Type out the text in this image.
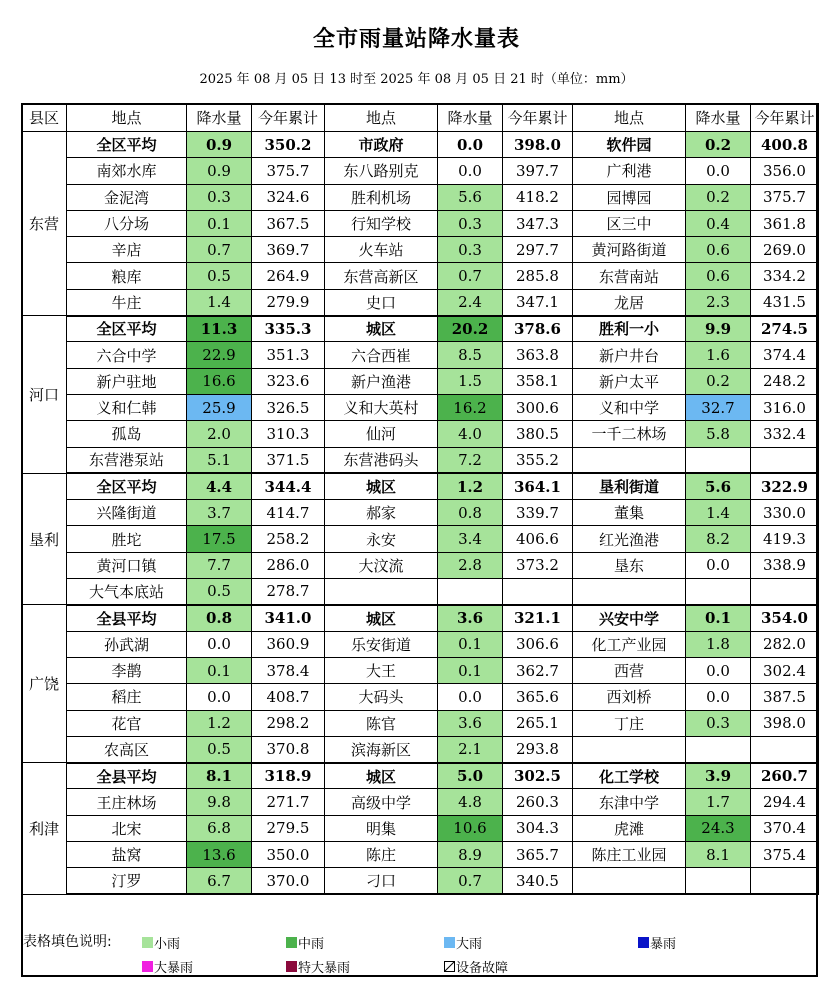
全市雨量站降水量表
2025 年 08 月 05 日 13 时至 2025 年 08 月 05 日 21 时（单位：mm）
县区	地点	降水量	今年累计	地点	降水量	今年累计	地点	降水量	今年累计
东营	全区平均	0.9	350.2	市政府	0.0	398.0	软件园	0.2	400.8
	南郊水库	0.9	375.7	东八路别克	0.0	397.7	广利港	0.0	356.0
	金泥湾	0.3	324.6	胜利机场	5.6	418.2	园博园	0.2	375.7
	八分场	0.1	367.5	行知学校	0.3	347.3	区三中	0.4	361.8
	辛店	0.7	369.7	火车站	0.3	297.7	黄河路街道	0.6	269.0
	粮库	0.5	264.9	东营高新区	0.7	285.8	东营南站	0.6	334.2
	牛庄	1.4	279.9	史口	2.4	347.1	龙居	2.3	431.5
河口	全区平均	11.3	335.3	城区	20.2	378.6	胜利一小	9.9	274.5
	六合中学	22.9	351.3	六合西崔	8.5	363.8	新户井台	1.6	374.4
	新户驻地	16.6	323.6	新户渔港	1.5	358.1	新户太平	0.2	248.2
	义和仁韩	25.9	326.5	义和大英村	16.2	300.6	义和中学	32.7	316.0
	孤岛	2.0	310.3	仙河	4.0	380.5	一千二林场	5.8	332.4
	东营港泵站	5.1	371.5	东营港码头	7.2	355.2			
垦利	全区平均	4.4	344.4	城区	1.2	364.1	垦利街道	5.6	322.9
	兴隆街道	3.7	414.7	郝家	0.8	339.7	董集	1.4	330.0
	胜坨	17.5	258.2	永安	3.4	406.6	红光渔港	8.2	419.3
	黄河口镇	7.7	286.0	大汶流	2.8	373.2	垦东	0.0	338.9
	大气本底站	0.5	278.7						
广饶	全县平均	0.8	341.0	城区	3.6	321.1	兴安中学	0.1	354.0
	孙武湖	0.0	360.9	乐安街道	0.1	306.6	化工产业园	1.8	282.0
	李鹊	0.1	378.4	大王	0.1	362.7	西营	0.0	302.4
	稻庄	0.0	408.7	大码头	0.0	365.6	西刘桥	0.0	387.5
	花官	1.2	298.2	陈官	3.6	265.1	丁庄	0.3	398.0
	农高区	0.5	370.8	滨海新区	2.1	293.8			
利津	全县平均	8.1	318.9	城区	5.0	302.5	化工学校	3.9	260.7
	王庄林场	9.8	271.7	高级中学	4.8	260.3	东津中学	1.7	294.4
	北宋	6.8	279.5	明集	10.6	304.3	虎滩	24.3	370.4
	盐窝	13.6	350.0	陈庄	8.9	365.7	陈庄工业园	8.1	375.4
	汀罗	6.7	370.0	刁口	0.7	340.5			
表格填色说明:	小雨	中雨	大雨	暴雨
大暴雨	特大暴雨	设备故障
